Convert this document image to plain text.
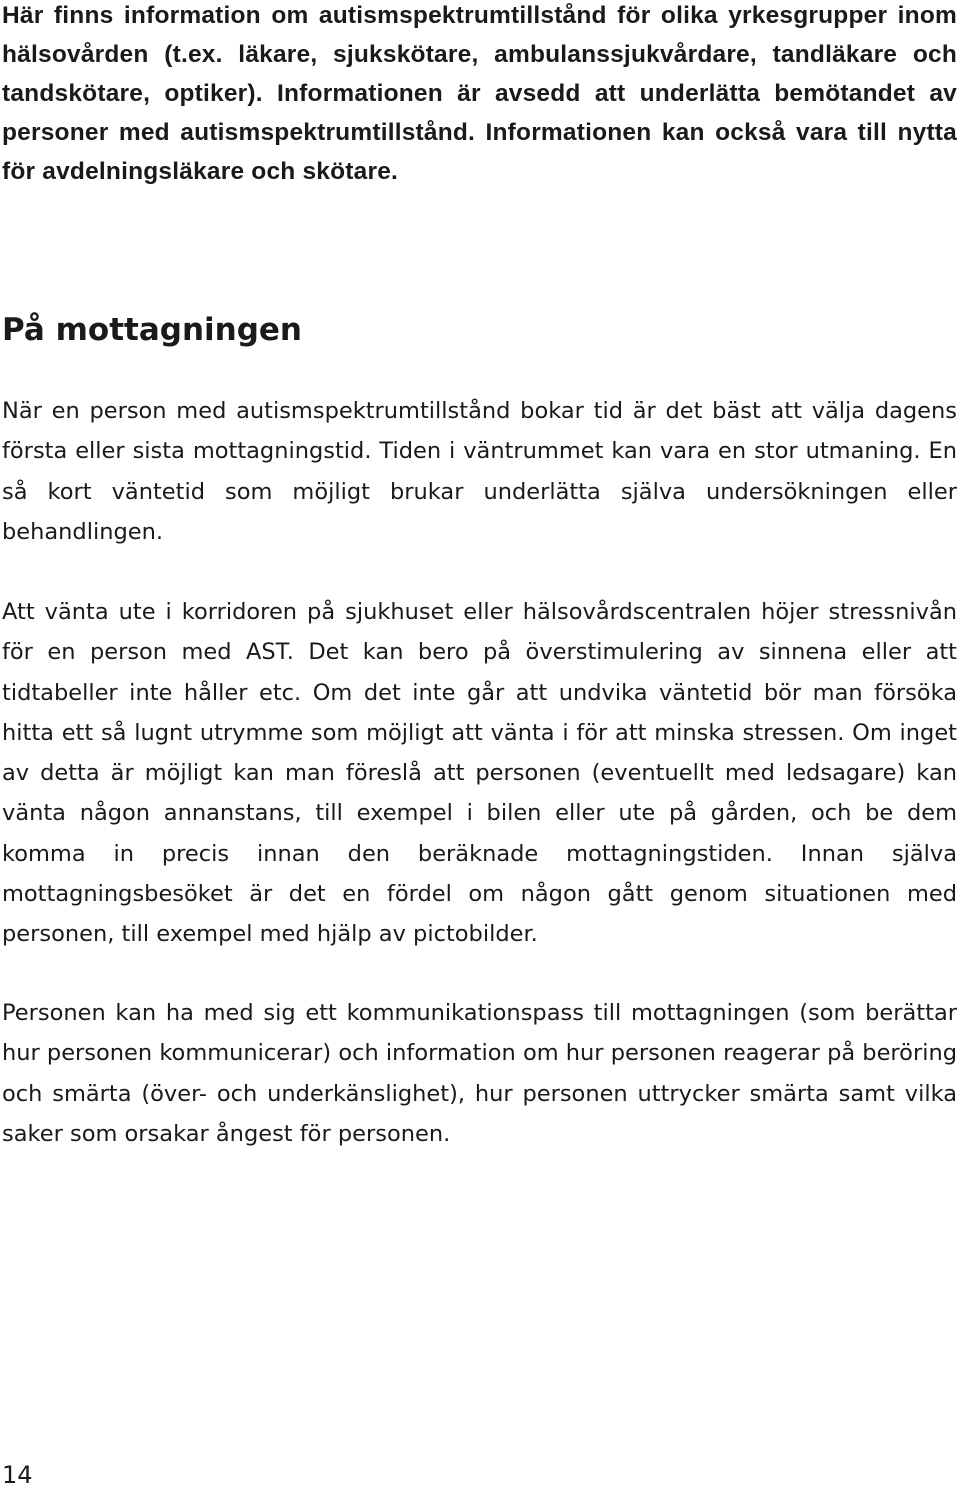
Här finns information om autismspektrumtillstånd för olika yrkesgrupper inom hälsovården (t.ex. läkare, sjukskötare, ambulanssjukvårdare, tandläkare och tandskötare, optiker). Informationen är avsedd att underlätta bemötandet av personer med autismspektrumtillstånd. Informationen kan också vara till nytta för avdelningsläkare och skötare.

På mottagningen

När en person med autismspektrumtillstånd bokar tid är det bäst att välja dagens första eller sista mottagningstid. Tiden i väntrummet kan vara en stor utmaning. En så kort väntetid som möjligt brukar underlätta själva undersökningen eller behandlingen.

Att vänta ute i korridoren på sjukhuset eller hälsovårdscentralen höjer stressnivån för en person med AST. Det kan bero på överstimulering av sinnena eller att tidtabeller inte håller etc. Om det inte går att undvika väntetid bör man försöka hitta ett så lugnt utrymme som möjligt att vänta i för att minska stressen. Om inget av detta är möjligt kan man föreslå att personen (eventuellt med ledsagare) kan vänta någon annanstans, till exempel i bilen eller ute på gården, och be dem komma in precis innan den beräknade mottagningstiden. Innan själva mottagningsbesöket är det en fördel om någon gått genom situationen med personen, till exempel med hjälp av pictobilder.

Personen kan ha med sig ett kommunikationspass till mottagningen (som berättar hur personen kommunicerar) och information om hur personen reagerar på beröring och smärta (över- och underkänslighet), hur personen uttrycker smärta samt vilka saker som orsakar ångest för personen.

14
